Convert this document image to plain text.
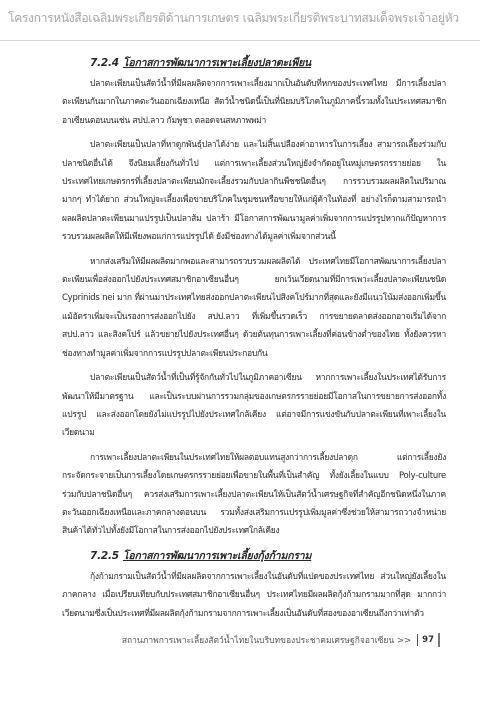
โครงการหนังสือเฉลิมพระเกียรติด้านการเกษตร เฉลิมพระเกียรติพระบาทสมเด็จพระเจ้าอยู่หัว
7.2.4 โอกาสการพัฒนาการเพาะเลี้ยงปลาตะเพียน

ปลาตะเพียนเป็นสัตว์น้ำที่มีผลผลิตจากการเพาะเลี้ยงมากเป็นอันดับที่หกของประเทศไทย มีการเลี้ยงปลาตะเพียนกันมากในภาคตะวันออกเฉียงเหนือ สัตว์น้ำชนิดนี้เป็นที่นิยมบริโภคในภูมิภาคนี้รวมทั้งในประเทศสมาชิกอาเซียนตอนบนเช่น สปป.ลาว กัมพูชา ตลอดจนสหภาพพม่า

ปลาตะเพียนเป็นปลาที่หาดูกพันธุ์ปลาได้ง่าย และไม่สิ้นเปลืองค่าอาหารในการเลี้ยง สามารถเลี้ยงร่วมกับปลาชนิดอื่นได้ จึงนิยมเลี้ยงกันทั่วไป แต่การเพาะเลี้ยงส่วนใหญ่ยังจำกัดอยู่ในหมู่เกษตรกรรายย่อย ในประเทศไทยเกษตรกรที่เลี้ยงปลาตะเพียนมักจะเลี้ยงรวมกับปลากินพืชชนิดอื่นๆ การรวบรวมผลผลิตในปริมาณมากๆ ทำได้ยาก ส่วนใหญ่จะเลี้ยงเพื่อขายบริโภคในชุมชนหรือขายให้แก่ผู้ค้าในท้องที่ อย่างไรก็ตามสามารถนำผลผลิตปลาตะเพียนมาแปรรูปเป็นปลาส้ม ปลาร้า มีโอกาสการพัฒนามูลค่าเพิ่มจากการแปรรูปหากแก้ปัญหาการรวบรวมผลผลิตให้มีเพียงพอแก่การแปรรูปได้ ยังมีช่องทางได้มูลค่าเพิ่มจากส่วนนี้

หากส่งเสริมให้มีผลผลิตมากพอและสามารถรวบรวมผลผลิตได้ ประเทศไทยมีโอกาสพัฒนาการเลี้ยงปลาตะเพียนเพื่อส่งออกไปยังประเทศสมาชิกอาเซียนอื่นๆ ยกเว้นเวียดนามที่มีการเพาะเลี้ยงปลาตะเพียนชนิด Cyprinids nei มาก ที่ผ่านมาประเทศไทยส่งออกปลาตะเพียนไปสิงคโปร์มากที่สุดและยังมีแนวโน้มส่งออกเพิ่มขึ้น แม้อัตราเพิ่มจะเป็นรองการส่งออกไปยัง สปป.ลาว ที่เพิ่มขึ้นรวดเร็ว การขยายตลาดส่งออกอาจเริ่มได้จาก สปป.ลาว และสิงคโปร์ แล้วขยายไปยังประเทศอื่นๆ ด้วยต้นทุนการเพาะเลี้ยงที่ค่อนข้างต่ำของไทย ทั้งยังควรหาช่องทางทำมูลค่าเพิ่มจากการแปรรูปปลาตะเพียนประกอบกัน

ปลาตะเพียนเป็นสัตว์น้ำที่เป็นที่รู้จักกันทั่วไปในภูมิภาคอาเซียน หากการเพาะเลี้ยงในประเทศได้รับการพัฒนาให้มีมาตรฐาน และเป็นระบบผ่านการรวมกลุ่มของเกษตรกรรายย่อยมีโอกาสในการขยายการส่งออกทั้งแปรรูป และส่งออกโดยยังไม่แปรรูปไปยังประเทศใกล้เคียง แต่อาจมีการแข่งขันกับปลาตะเพียนที่เพาะเลี้ยงในเวียดนาม

การเพาะเลี้ยงปลาตะเพียนในประเทศไทยให้ผลตอบแทนสูงกว่าการเลี้ยงปลาดุก แต่การเลี้ยงยังกระจัดกระจายเป็นการเลี้ยงโดยเกษตรกรรายย่อยเพื่อขายในพื้นที่เป็นสำคัญ ทั้งยังเลี้ยงในแบบ Poly-culture ร่วมกับปลาชนิดอื่นๆ ควรส่งเสริมการเพาะเลี้ยงปลาตะเพียนให้เป็นสัตว์น้ำเศรษฐกิจที่สำคัญอีกชนิดหนึ่งในภาคตะวันออกเฉียงเหนือและภาคกลางตอนบน รวมทั้งส่งเสริมการแปรรูปเพิ่มมูลค่าซึ่งช่วยให้สามารถวางจำหน่ายสินค้าได้ทั่วไปทั้งยังมีโอกาสในการส่งออกไปยังประเทศใกล้เคียง

7.2.5 โอกาสการพัฒนาการเพาะเลี้ยงกุ้งก้ามกราม

กุ้งก้ามกรามเป็นสัตว์น้ำที่มีผลผลิตจากการเพาะเลี้ยงในอันดับที่แปดของประเทศไทย ส่วนใหญ่ยังเลี้ยงในภาคกลาง เมื่อเปรียบเทียบกับประเทศสมาชิกอาเซียนอื่นๆ ประเทศไทยมีผลผลิตกุ้งก้ามกรามมากที่สุด มากกว่าเวียดนามซึ่งเป็นประเทศที่มีผลผลิตกุ้งก้ามกรามจากการเพาะเลี้ยงเป็นอันดับที่สองของอาเซียนถึงกว่าเท่าตัว

สถานภาพการเพาะเลี้ยงสัตว์น้ำไทยในบริบทของประชาคมเศรษฐกิจอาเซียน >> 97
